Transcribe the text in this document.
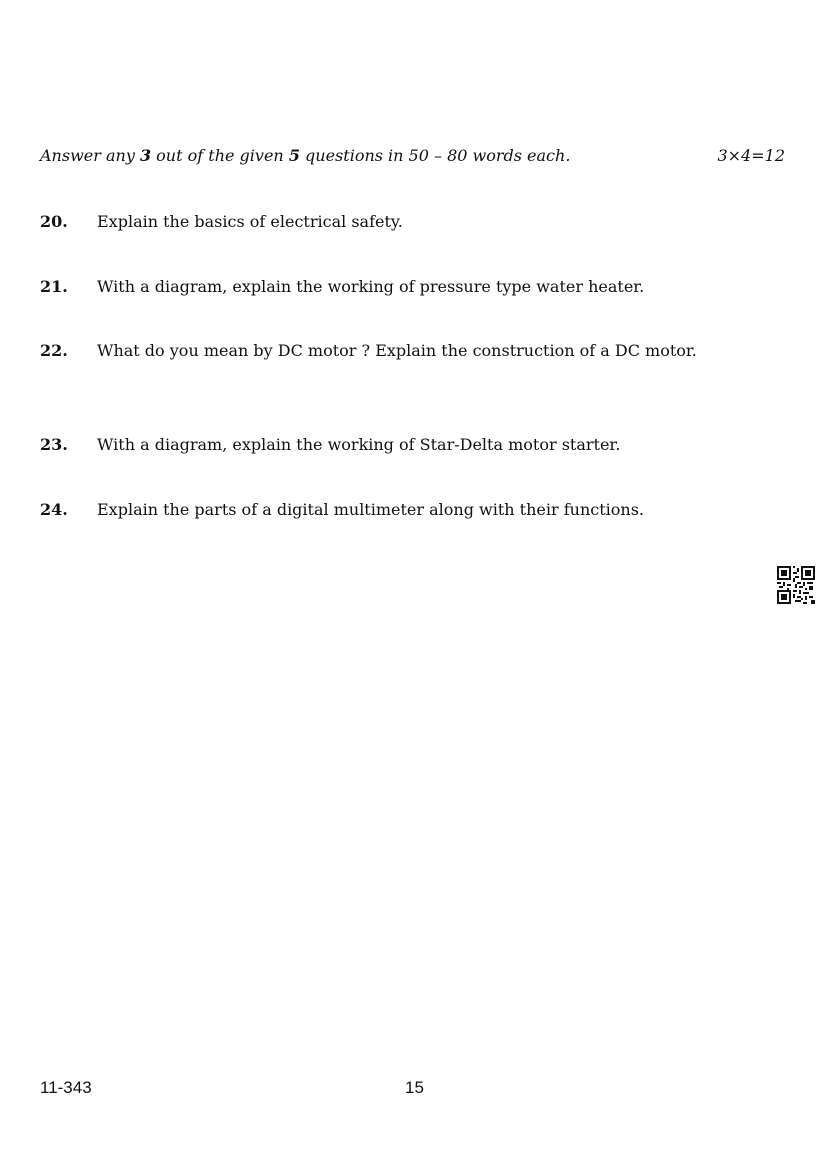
Answer any 3 out of the given 5 questions in 50 – 80 words each.	3×4=12
20. Explain the basics of electrical safety.
21. With a diagram, explain the working of pressure type water heater.
22. What do you mean by DC motor ? Explain the construction of a DC motor.
23. With a diagram, explain the working of Star-Delta motor starter.
24. Explain the parts of a digital multimeter along with their functions.
11-343	15
